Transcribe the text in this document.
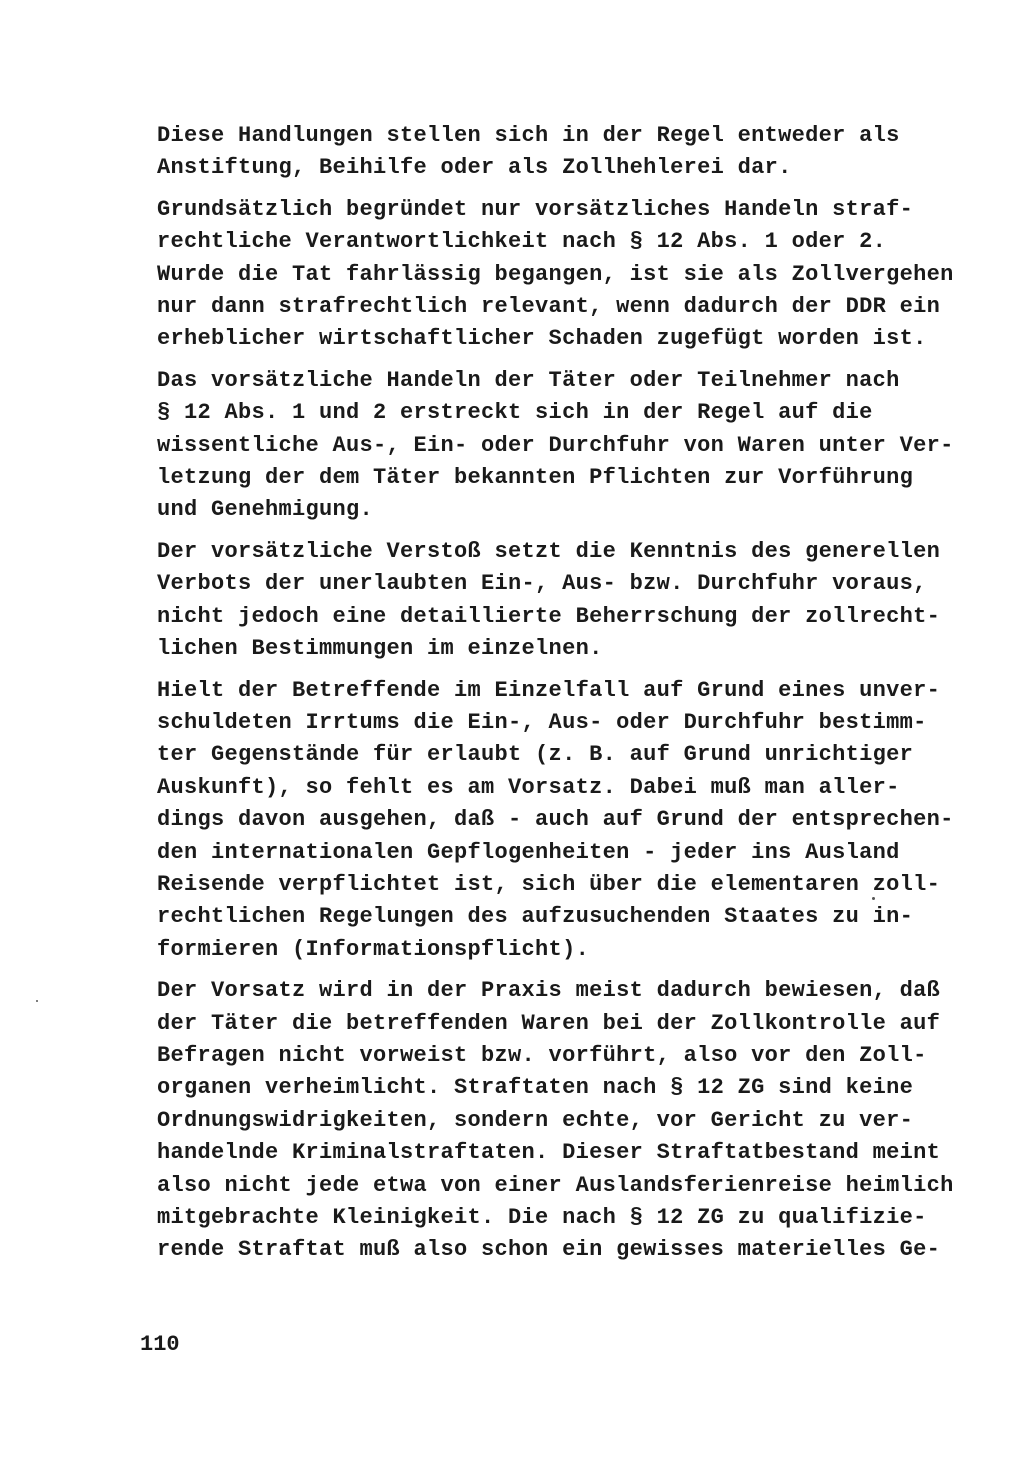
Diese Handlungen stellen sich in der Regel entweder als
Anstiftung, Beihilfe oder als Zollhehlerei dar.
Grundsätzlich begründet nur vorsätzliches Handeln straf-
rechtliche Verantwortlichkeit nach § 12 Abs. 1 oder 2.
Wurde die Tat fahrlässig begangen, ist sie als Zollvergehen
nur dann strafrechtlich relevant, wenn dadurch der DDR ein
erheblicher wirtschaftlicher Schaden zugefügt worden ist.
Das vorsätzliche Handeln der Täter oder Teilnehmer nach
§ 12 Abs. 1 und 2 erstreckt sich in der Regel auf die
wissentliche Aus-, Ein- oder Durchfuhr von Waren unter Ver-
letzung der dem Täter bekannten Pflichten zur Vorführung
und Genehmigung.
Der vorsätzliche Verstoß setzt die Kenntnis des generellen
Verbots der unerlaubten Ein-, Aus- bzw. Durchfuhr voraus,
nicht jedoch eine detaillierte Beherrschung der zollrecht-
lichen Bestimmungen im einzelnen.
Hielt der Betreffende im Einzelfall auf Grund eines unver-
schuldeten Irrtums die Ein-, Aus- oder Durchfuhr bestimm-
ter Gegenstände für erlaubt (z. B. auf Grund unrichtiger
Auskunft), so fehlt es am Vorsatz. Dabei muß man aller-
dings davon ausgehen, daß - auch auf Grund der entsprechen-
den internationalen Gepflogenheiten - jeder ins Ausland
Reisende verpflichtet ist, sich über die elementaren zoll-
rechtlichen Regelungen des aufzusuchenden Staates zu in-
formieren (Informationspflicht).
Der Vorsatz wird in der Praxis meist dadurch bewiesen, daß
der Täter die betreffenden Waren bei der Zollkontrolle auf
Befragen nicht vorweist bzw. vorführt, also vor den Zoll-
organen verheimlicht. Straftaten nach § 12 ZG sind keine
Ordnungswidrigkeiten, sondern echte, vor Gericht zu ver-
handelnde Kriminalstraftaten. Dieser Straftatbestand meint
also nicht jede etwa von einer Auslandsferienreise heimlich
mitgebrachte Kleinigkeit. Die nach § 12 ZG zu qualifizie-
rende Straftat muß also schon ein gewisses materielles Ge-
110
